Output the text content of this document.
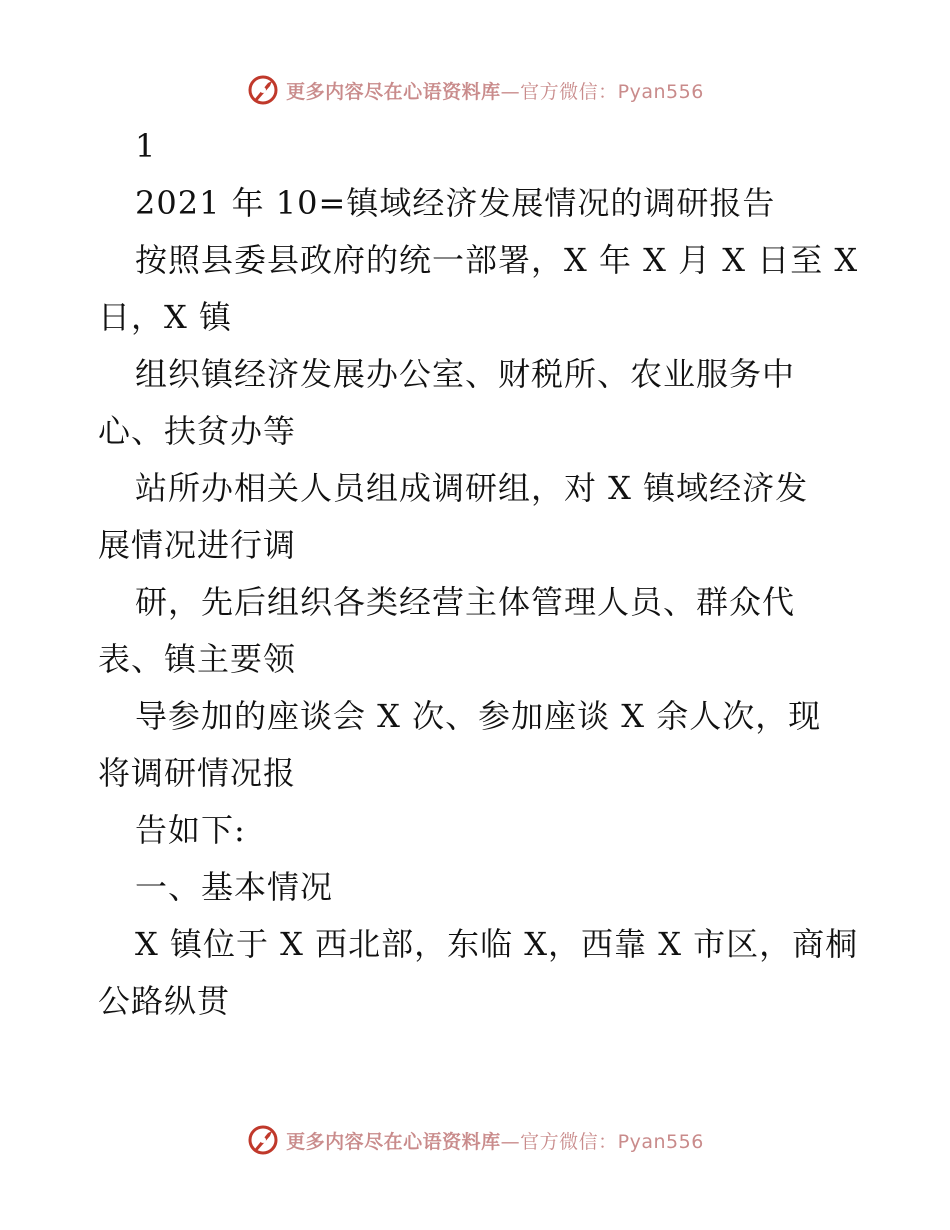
更多内容尽在心语资料库—官方微信：Pyan556
1
2021 年 10=镇域经济发展情况的调研报告
按照县委县政府的统一部署，X 年 X 月 X 日至 X
日，X 镇
组织镇经济发展办公室、财税所、农业服务中
心、扶贫办等
站所办相关人员组成调研组，对 X 镇域经济发
展情况进行调
研，先后组织各类经营主体管理人员、群众代
表、镇主要领
导参加的座谈会 X 次、参加座谈 X 余人次，现
将调研情况报
告如下:
一、基本情况
X 镇位于 X 西北部，东临 X，西靠 X 市区，商桐
公路纵贯
更多内容尽在心语资料库—官方微信：Pyan556
